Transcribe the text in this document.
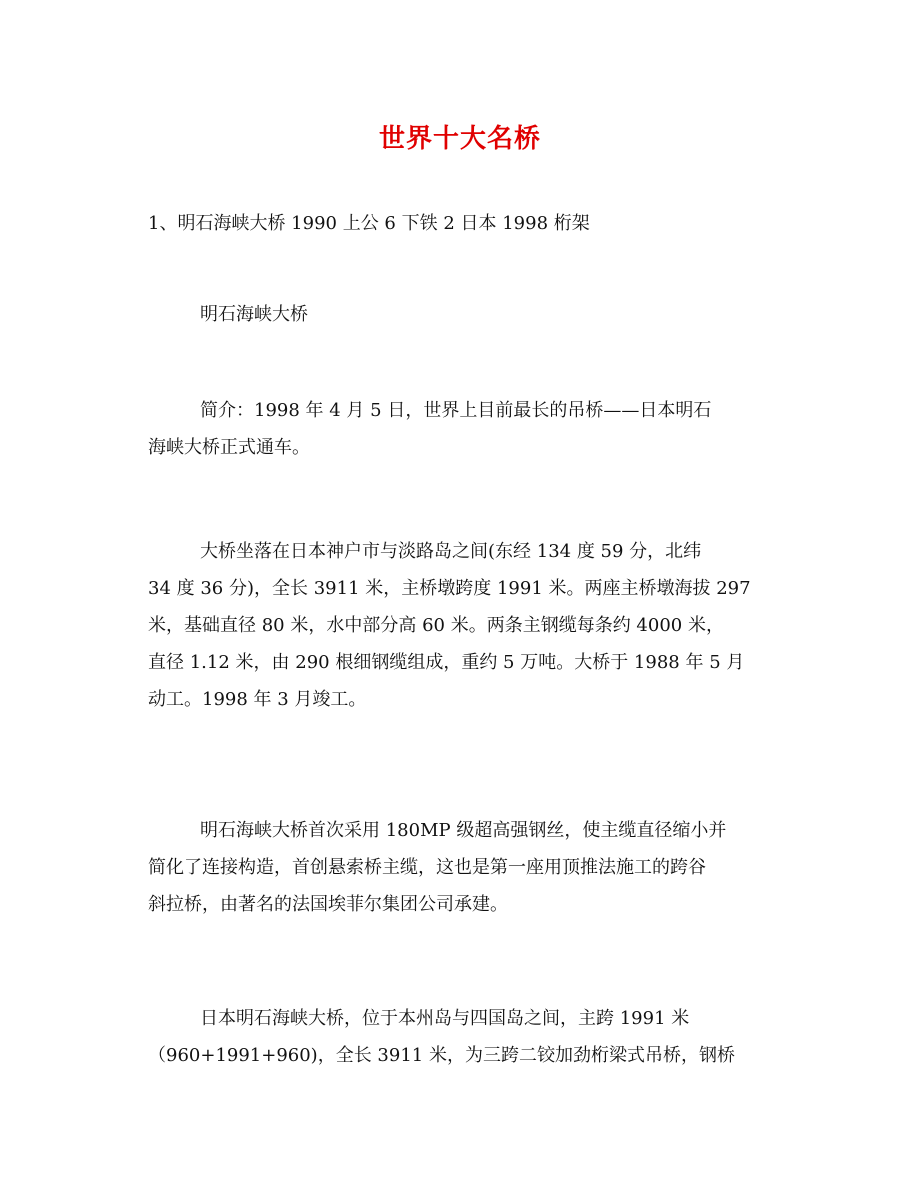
世界十大名桥
1、明石海峡大桥 1990 上公 6 下铁 2 日本 1998 桁架
明石海峡大桥
简介：1998 年 4 月 5 日，世界上目前最长的吊桥——日本明石
海峡大桥正式通车。
大桥坐落在日本神户市与淡路岛之间(东经 134 度 59 分，北纬
34 度 36 分)，全长 3911 米，主桥墩跨度 1991 米。两座主桥墩海拔 297
米，基础直径 80 米，水中部分高 60 米。两条主钢缆每条约 4000 米，
直径 1.12 米，由 290 根细钢缆组成，重约 5 万吨。大桥于 1988 年 5 月
动工。1998 年 3 月竣工。
明石海峡大桥首次采用 180MP 级超高强钢丝，使主缆直径缩小并
简化了连接构造，首创悬索桥主缆，这也是第一座用顶推法施工的跨谷
斜拉桥，由著名的法国埃菲尔集团公司承建。
日本明石海峡大桥，位于本州岛与四国岛之间，主跨 1991 米
（960+1991+960)，全长 3911 米，为三跨二铰加劲桁梁式吊桥，钢桥
